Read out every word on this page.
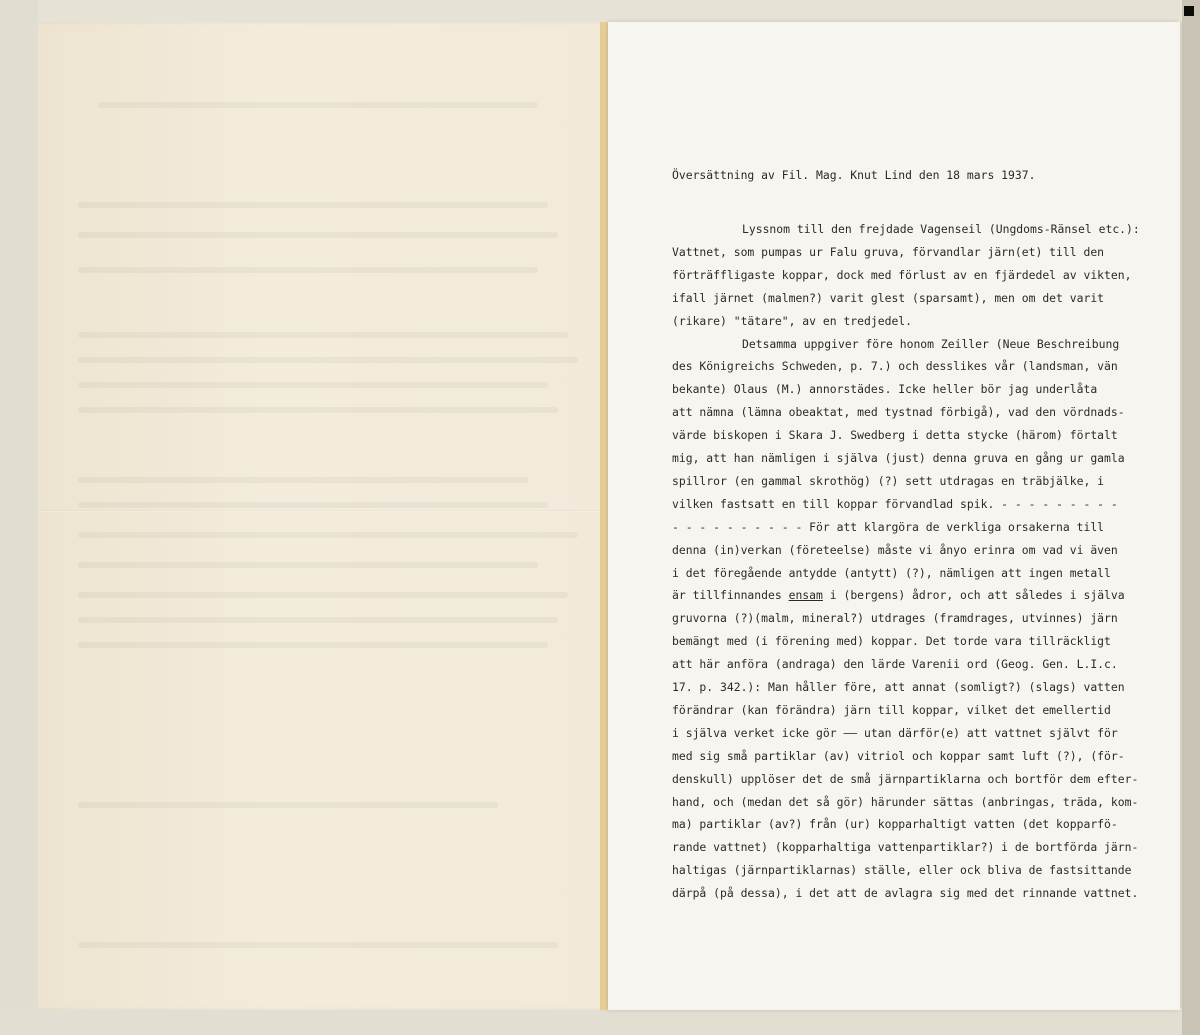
Översättning av Fil. Mag. Knut Lind den 18 mars 1937.
Lyssnom till den frejdade Vagenseil (Ungdoms-Ränsel etc.):
Vattnet, som pumpas ur Falu gruva, förvandlar järn(et) till den
förträffligaste koppar, dock med förlust av en fjärdedel av vikten,
ifall järnet (malmen?) varit glest (sparsamt), men om det varit
(rikare) "tätare", av en tredjedel.
Detsamma uppgiver före honom Zeiller (Neue Beschreibung
des Königreichs Schweden, p. 7.) och desslikes vår (landsman, vän
bekante) Olaus (M.) annorstädes. Icke heller bör jag underlåta
att nämna (lämna obeaktat, med tystnad förbigå), vad den vördnads-
värde biskopen i Skara J. Swedberg i detta stycke (härom) förtalt
mig, att han nämligen i själva (just) denna gruva en gång ur gamla
spillror (en gammal skrothög) (?) sett utdragas en träbjälke, i
vilken fastsatt en till koppar förvandlad spik. - - - - - - - - -
- - - - - - - - - - För att klargöra de verkliga orsakerna till
denna (in)verkan (företeelse) måste vi ånyo erinra om vad vi även
i det föregående antydde (antytt) (?), nämligen att ingen metall
är tillfinnandes ensam i (bergens) ådror, och att således i själva
gruvorna (?)(malm, mineral?) utdrages (framdrages, utvinnes) järn
bemängt med (i förening med) koppar. Det torde vara tillräckligt
att här anföra (andraga) den lärde Varenii ord (Geog. Gen. L.I.c.
17. p. 342.): Man håller före, att annat (somligt?) (slags) vatten
förändrar (kan förändra) järn till koppar, vilket det emellertid
i själva verket icke gör –– utan därför(e) att vattnet självt för
med sig små partiklar (av) vitriol och koppar samt luft (?), (för-
denskull) upplöser det de små järnpartiklarna och bortför dem efter-
hand, och (medan det så gör) härunder sättas (anbringas, träda, kom-
ma) partiklar (av?) från (ur) kopparhaltigt vatten (det kopparfö-
rande vattnet) (kopparhaltiga vattenpartiklar?) i de bortförda järn-
haltigas (järnpartiklarnas) ställe, eller ock bliva de fastsittande
därpå (på dessa), i det att de avlagra sig med det rinnande vattnet.
